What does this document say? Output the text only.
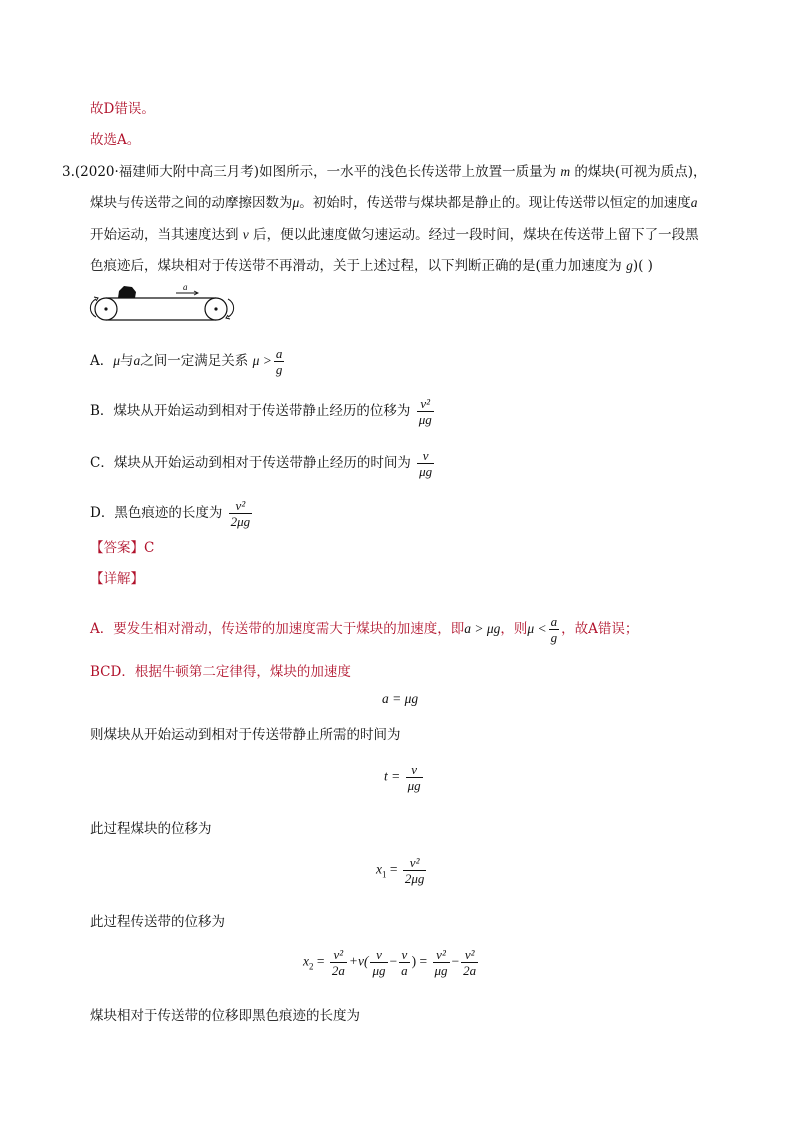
故D错误。
故选A。
3.(2020·福建师大附中高三月考)如图所示，一水平的浅色长传送带上放置一质量为 m 的煤块(可视为质点)，
煤块与传送带之间的动摩擦因数为μ。初始时，传送带与煤块都是静止的。现让传送带以恒定的加速度a
开始运动，当其速度达到 v 后，便以此速度做匀速运动。经过一段时间，煤块在传送带上留下了一段黑
色痕迹后，煤块相对于传送带不再滑动，关于上述过程，以下判断正确的是(重力加速度为 g)( )
a
A．μ与a之间一定满足关系 $\mu > \frac{a}{g}$
B．煤块从开始运动到相对于传送带静止经历的位移为 $\frac{\text{v²}}{\mu g}$
C．煤块从开始运动到相对于传送带静止经历的时间为 $\frac{v}{\mu g}$
D．黑色痕迹的长度为 $\frac{\text{v²}}{2\mu g}$
【答案】C
【详解】
A．要发生相对滑动，传送带的加速度需大于煤块的加速度，即a > μg，则$\mu < \frac{a}{g}$ ，故A错误；
BCD．根据牛顿第二定律得，煤块的加速度
a = μg
则煤块从开始运动到相对于传送带静止所需的时间为
$t = \frac{v}{\mu g}$
此过程煤块的位移为
$x_1 = \frac{\text{v²}}{2\mu g}$
此过程传送带的位移为
$x_2 = \frac{\text{v²}}{2a} +v( \frac{v}{\mu g} - \frac{v}{a}$ ) = $\frac{\text{v²}}{\mu g} - \frac{\text{v²}}{2a}$
煤块相对于传送带的位移即黑色痕迹的长度为
